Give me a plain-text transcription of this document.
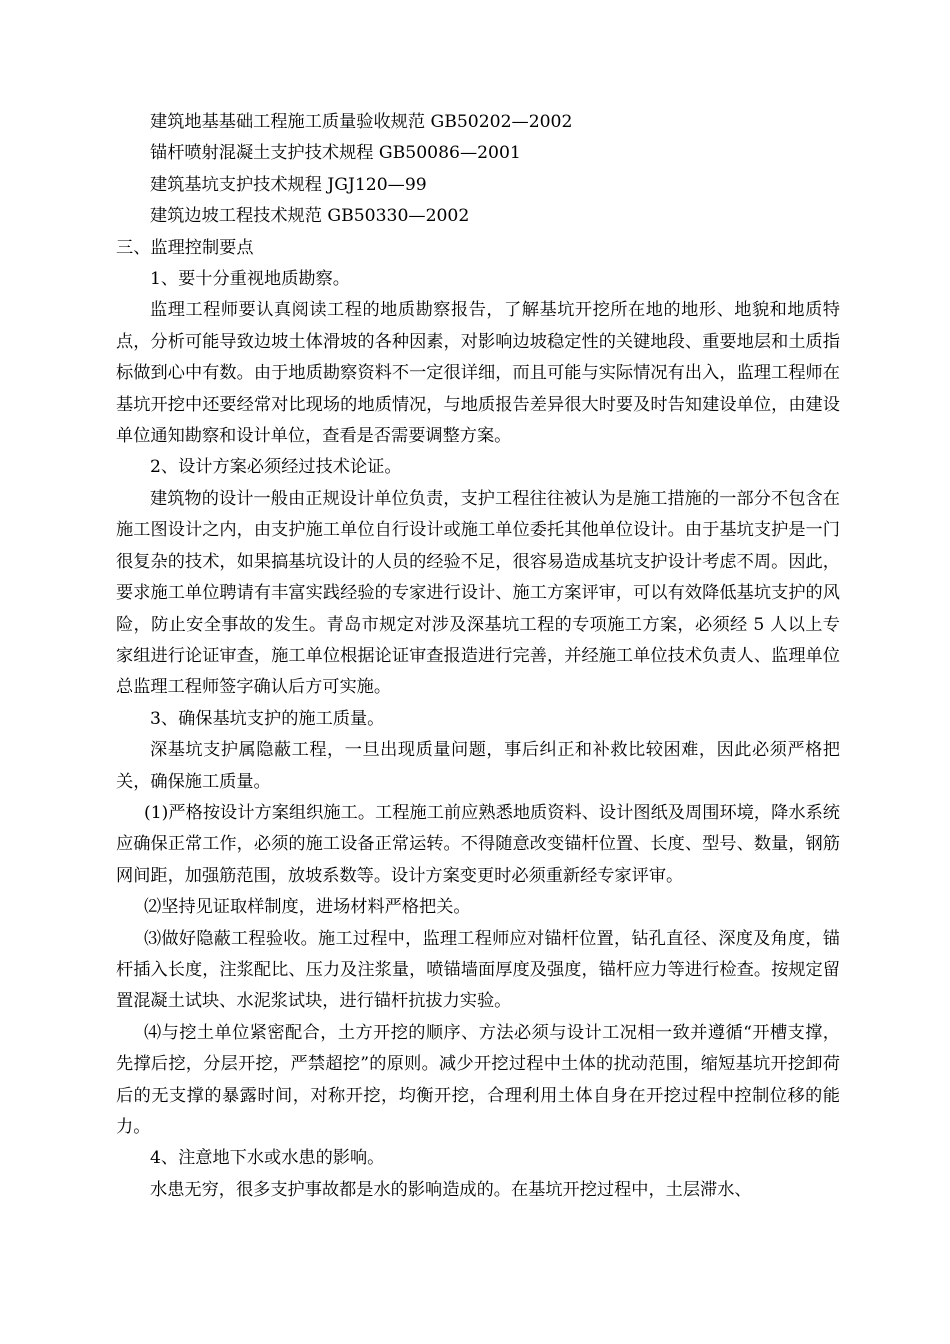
建筑地基基础工程施工质量验收规范 GB50202—2002

锚杆喷射混凝土支护技术规程 GB50086—2001

建筑基坑支护技术规程 JGJ120—99

建筑边坡工程技术规范 GB50330—2002

三、监理控制要点

1、要十分重视地质勘察。

监理工程师要认真阅读工程的地质勘察报告，了解基坑开挖所在地的地形、地貌和地质特点，分析可能导致边坡土体滑坡的各种因素，对影响边坡稳定性的关键地段、重要地层和土质指标做到心中有数。由于地质勘察资料不一定很详细，而且可能与实际情况有出入，监理工程师在基坑开挖中还要经常对比现场的地质情况，与地质报告差异很大时要及时告知建设单位，由建设单位通知勘察和设计单位，查看是否需要调整方案。

2、设计方案必须经过技术论证。

建筑物的设计一般由正规设计单位负责，支护工程往往被认为是施工措施的一部分不包含在施工图设计之内，由支护施工单位自行设计或施工单位委托其他单位设计。由于基坑支护是一门很复杂的技术，如果搞基坑设计的人员的经验不足，很容易造成基坑支护设计考虑不周。因此，要求施工单位聘请有丰富实践经验的专家进行设计、施工方案评审，可以有效降低基坑支护的风险，防止安全事故的发生。青岛市规定对涉及深基坑工程的专项施工方案，必须经 5 人以上专家组进行论证审查，施工单位根据论证审查报造进行完善，并经施工单位技术负责人、监理单位总监理工程师签字确认后方可实施。

3、确保基坑支护的施工质量。

深基坑支护属隐蔽工程，一旦出现质量问题，事后纠正和补救比较困难，因此必须严格把关，确保施工质量。

(1)严格按设计方案组织施工。工程施工前应熟悉地质资料、设计图纸及周围环境，降水系统应确保正常工作，必须的施工设备正常运转。不得随意改变锚杆位置、长度、型号、数量，钢筋网间距，加强筋范围，放坡系数等。设计方案变更时必须重新经专家评审。

⑵坚持见证取样制度，进场材料严格把关。

⑶做好隐蔽工程验收。施工过程中，监理工程师应对锚杆位置，钻孔直径、深度及角度，锚杆插入长度，注浆配比、压力及注浆量，喷锚墙面厚度及强度，锚杆应力等进行检查。按规定留置混凝土试块、水泥浆试块，进行锚杆抗拔力实验。

⑷与挖土单位紧密配合，土方开挖的顺序、方法必须与设计工况相一致并遵循“开槽支撑，先撑后挖，分层开挖，严禁超挖”的原则。减少开挖过程中土体的扰动范围，缩短基坑开挖卸荷后的无支撑的暴露时间，对称开挖，均衡开挖，合理利用土体自身在开挖过程中控制位移的能力。

4、注意地下水或水患的影响。

水患无穷，很多支护事故都是水的影响造成的。在基坑开挖过程中，土层滞水、
